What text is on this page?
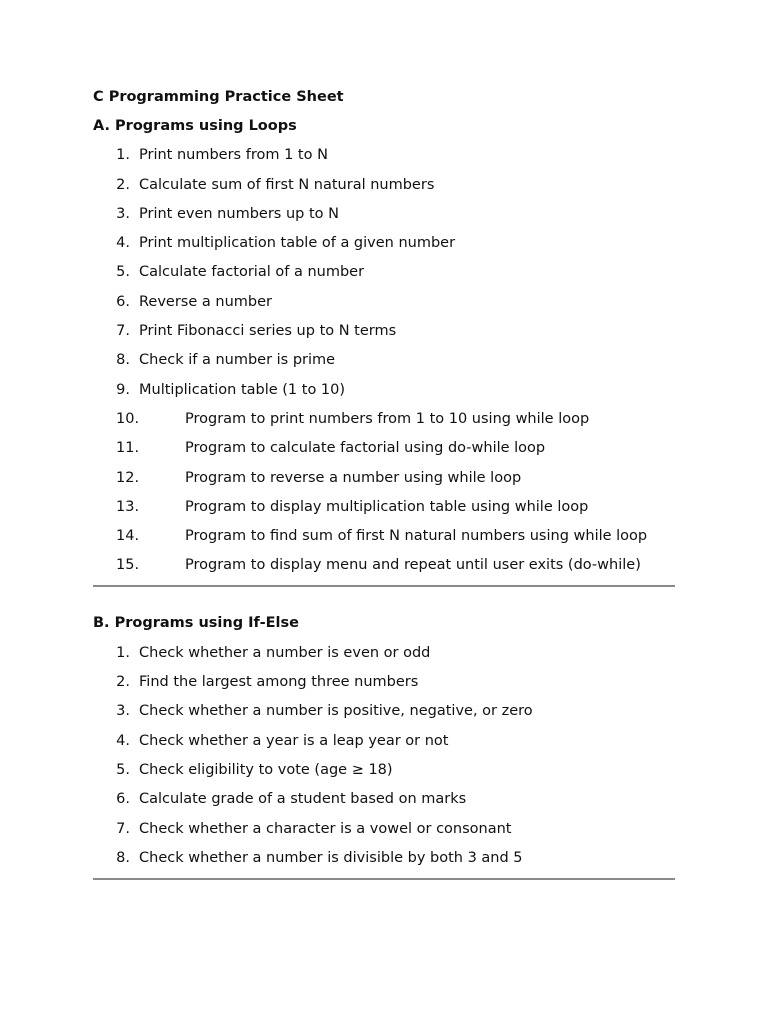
C Programming Practice Sheet
A. Programs using Loops
1. Print numbers from 1 to N
2. Calculate sum of first N natural numbers
3. Print even numbers up to N
4. Print multiplication table of a given number
5. Calculate factorial of a number
6. Reverse a number
7. Print Fibonacci series up to N terms
8. Check if a number is prime
9. Multiplication table (1 to 10)
10.	Program to print numbers from 1 to 10 using while loop
11.	Program to calculate factorial using do-while loop
12.	Program to reverse a number using while loop
13.	Program to display multiplication table using while loop
14.	Program to find sum of first N natural numbers using while loop
15.	Program to display menu and repeat until user exits (do-while)
B. Programs using If-Else
1. Check whether a number is even or odd
2. Find the largest among three numbers
3. Check whether a number is positive, negative, or zero
4. Check whether a year is a leap year or not
5. Check eligibility to vote (age ≥ 18)
6. Calculate grade of a student based on marks
7. Check whether a character is a vowel or consonant
8. Check whether a number is divisible by both 3 and 5
